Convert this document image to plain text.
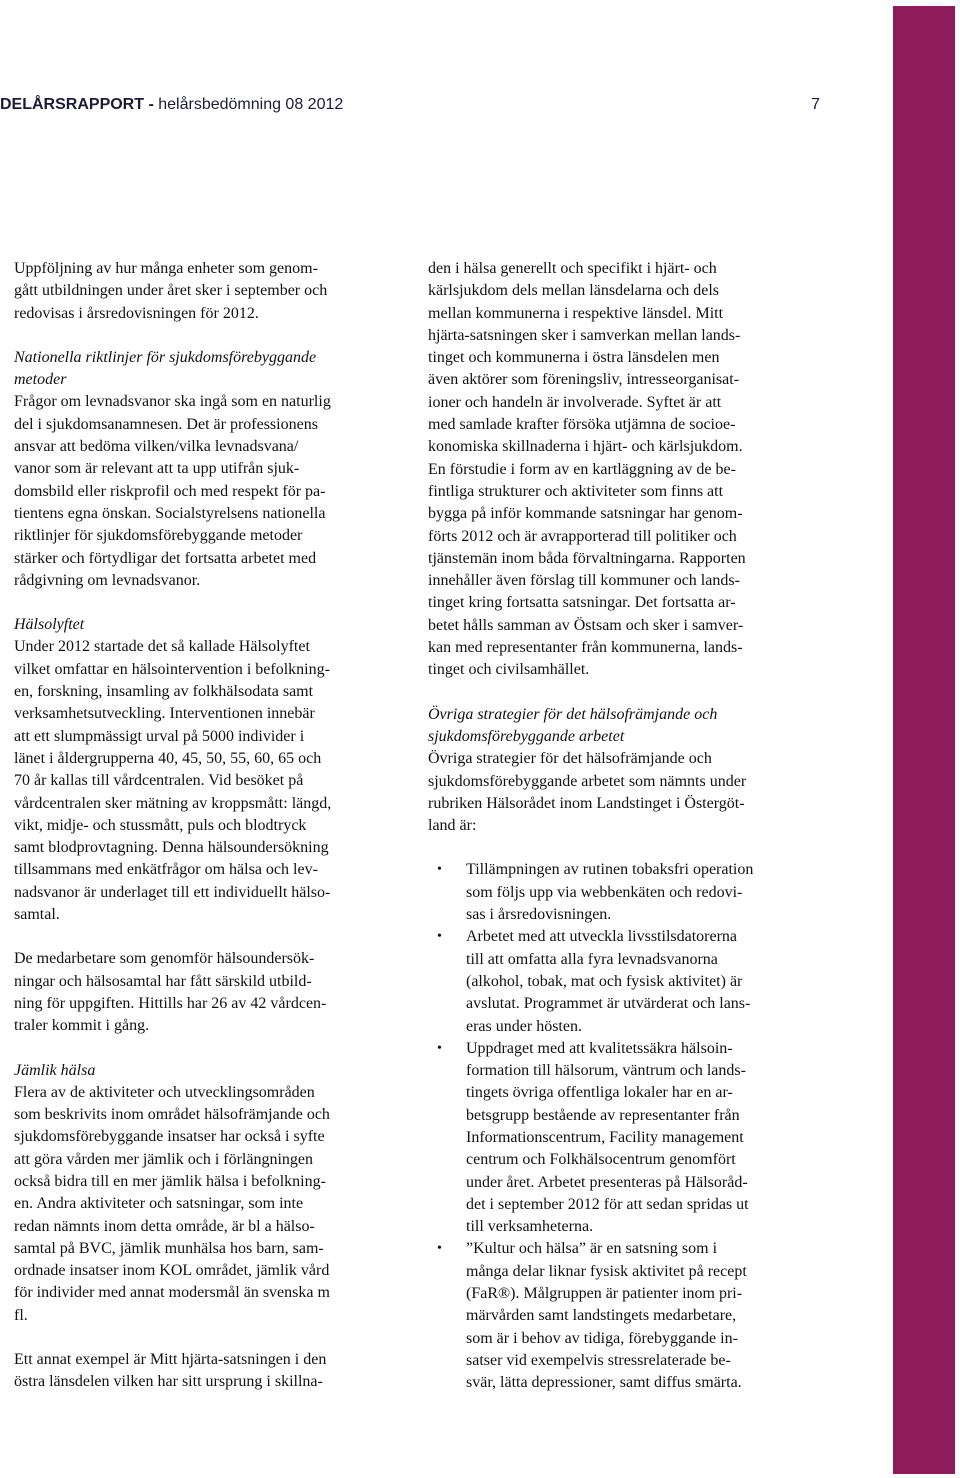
DELÅRSRAPPORT - helårsbedömning 08 2012	7

Uppföljning av hur många enheter som genom-
gått utbildningen under året sker i september och
redovisas i årsredovisningen för 2012.

Nationella riktlinjer för sjukdomsförebyggande
metoder

Frågor om levnadsvanor ska ingå som en naturlig
del i sjukdomsanamnesen. Det är professionens
ansvar att bedöma vilken/vilka levnadsvana/
vanor som är relevant att ta upp utifrån sjuk-
domsbild eller riskprofil och med respekt för pa-
tientens egna önskan. Socialstyrelsens nationella
riktlinjer för sjukdomsförebyggande metoder
stärker och förtydligar det fortsatta arbetet med
rådgivning om levnadsvanor.

Hälsolyftet

Under 2012 startade det så kallade Hälsolyftet
vilket omfattar en hälsointervention i befolkning-
en, forskning, insamling av folkhälsodata samt
verksamhetsutveckling. Interventionen innebär
att ett slumpmässigt urval på 5000 individer i
länet i åldergrupperna 40, 45, 50, 55, 60, 65 och
70 år kallas till vårdcentralen. Vid besöket på
vårdcentralen sker mätning av kroppsmått: längd,
vikt, midje- och stussmått, puls och blodtryck
samt blodprovtagning. Denna hälsoundersökning
tillsammans med enkätfrågor om hälsa och lev-
nadsvanor är underlaget till ett individuellt hälso-
samtal.

De medarbetare som genomför hälsoundersök-
ningar och hälsosamtal har fått särskild utbild-
ning för uppgiften. Hittills har 26 av 42 vårdcen-
traler kommit i gång.

Jämlik hälsa

Flera av de aktiviteter och utvecklingsområden
som beskrivits inom området hälsofrämjande och
sjukdomsförebyggande insatser har också i syfte
att göra vården mer jämlik och i förlängningen
också bidra till en mer jämlik hälsa i befolkning-
en. Andra aktiviteter och satsningar, som inte
redan nämnts inom detta område, är bl a hälso-
samtal på BVC, jämlik munhälsa hos barn, sam-
ordnade insatser inom KOL området, jämlik vård
för individer med annat modersmål än svenska m
fl.

Ett annat exempel är Mitt hjärta-satsningen i den
östra länsdelen vilken har sitt ursprung i skillna-

den i hälsa generellt och specifikt i hjärt- och
kärlsjukdom dels mellan länsdelarna och dels
mellan kommunerna i respektive länsdel. Mitt
hjärta-satsningen sker i samverkan mellan lands-
tinget och kommunerna i östra länsdelen men
även aktörer som föreningsliv, intresseorganisat-
ioner och handeln är involverade. Syftet är att
med samlade krafter försöka utjämna de socioe-
konomiska skillnaderna i hjärt- och kärlsjukdom.
En förstudie i form av en kartläggning av de be-
fintliga strukturer och aktiviteter som finns att
bygga på inför kommande satsningar har genom-
förts 2012 och är avrapporterad till politiker och
tjänstemän inom båda förvaltningarna. Rapporten
innehåller även förslag till kommuner och lands-
tinget kring fortsatta satsningar. Det fortsatta ar-
betet hålls samman av Östsam och sker i samver-
kan med representanter från kommunerna, lands-
tinget och civilsamhället.

Övriga strategier för det hälsofrämjande och
sjukdomsförebyggande arbetet

Övriga strategier för det hälsofrämjande och
sjukdomsförebyggande arbetet som nämnts under
rubriken Hälsorådet inom Landstinget i Östergöt-
land är:

• Tillämpningen av rutinen tobaksfri operation
som följs upp via webbenkäten och redovi-
sas i årsredovisningen.
• Arbetet med att utveckla livsstilsdatorerna
till att omfatta alla fyra levnadsvanorna
(alkohol, tobak, mat och fysisk aktivitet) är
avslutat. Programmet är utvärderat och lans-
eras under hösten.
• Uppdraget med att kvalitetssäkra hälsoin-
formation till hälsorum, väntrum och lands-
tingets övriga offentliga lokaler har en ar-
betsgrupp bestående av representanter från
Informationscentrum, Facility management
centrum och Folkhälsocentrum genomfört
under året. Arbetet presenteras på Hälsoråd-
det i september 2012 för att sedan spridas ut
till verksamheterna.
• ”Kultur och hälsa” är en satsning som i
många delar liknar fysisk aktivitet på recept
(FaR®). Målgruppen är patienter inom pri-
märvården samt landstingets medarbetare,
som är i behov av tidiga, förebyggande in-
satser vid exempelvis stressrelaterade be-
svär, lätta depressioner, samt diffus smärta.
